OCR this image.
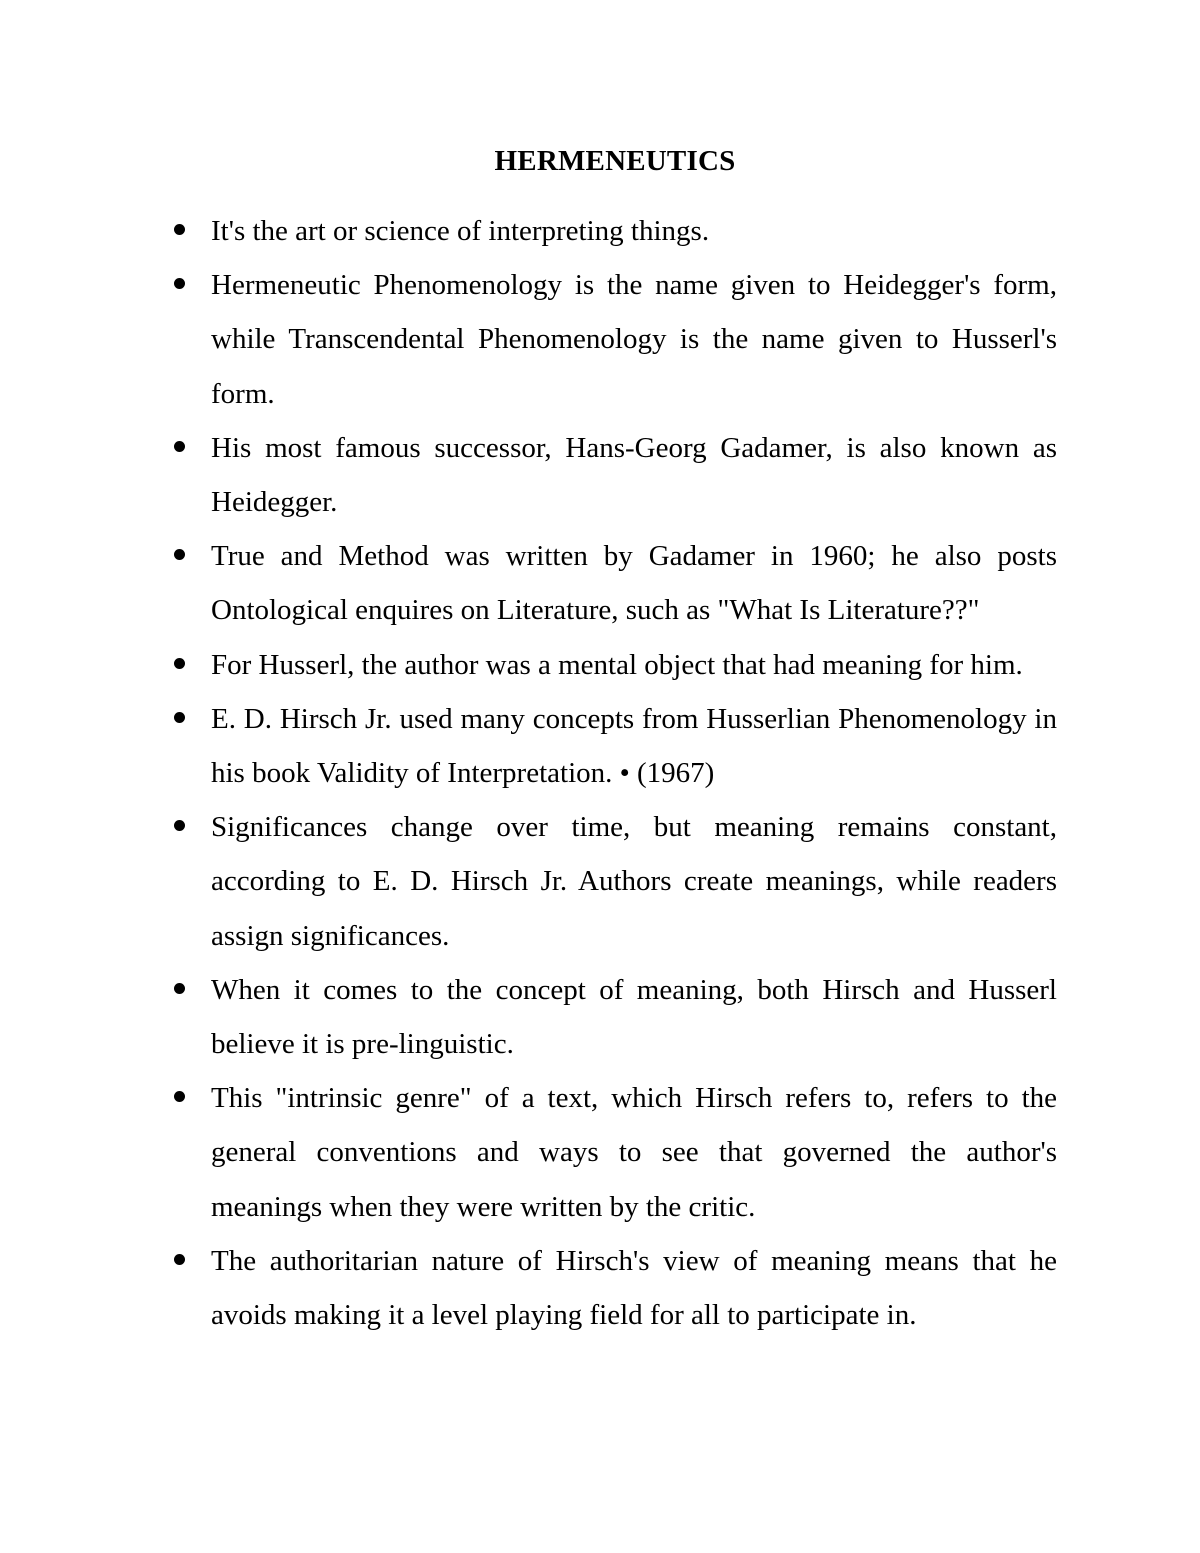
HERMENEUTICS
It's the art or science of interpreting things.
Hermeneutic Phenomenology is the name given to Heidegger's form, while Transcendental Phenomenology is the name given to Husserl's form.
His most famous successor, Hans-Georg Gadamer, is also known as Heidegger.
True and Method was written by Gadamer in 1960; he also posts Ontological enquires on Literature, such as "What Is Literature??"
For Husserl, the author was a mental object that had meaning for him.
E. D. Hirsch Jr. used many concepts from Husserlian Phenomenology in his book Validity of Interpretation. • (1967)
Significances change over time, but meaning remains constant, according to E. D. Hirsch Jr. Authors create meanings, while readers assign significances.
When it comes to the concept of meaning, both Hirsch and Husserl believe it is pre-linguistic.
This "intrinsic genre" of a text, which Hirsch refers to, refers to the general conventions and ways to see that governed the author's meanings when they were written by the critic.
The authoritarian nature of Hirsch's view of meaning means that he avoids making it a level playing field for all to participate in.
